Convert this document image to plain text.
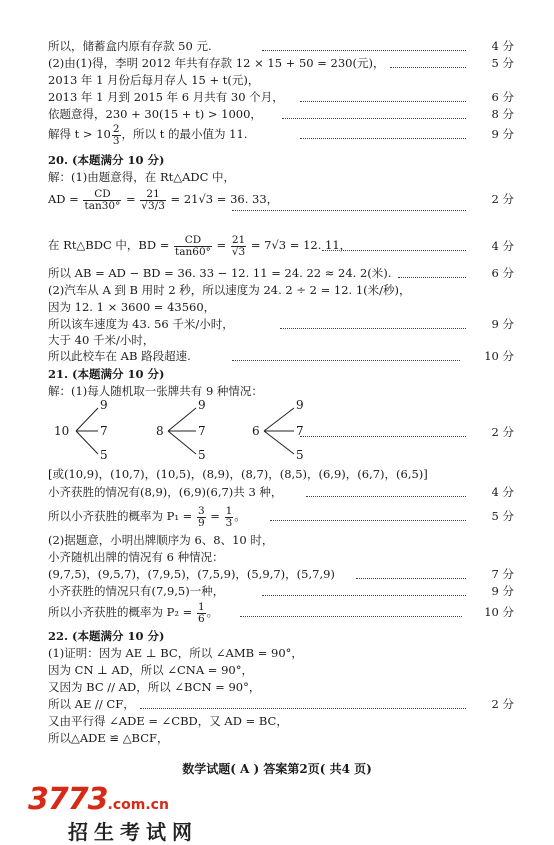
所以，储蓄盒内原有存款 50 元.	4 分
(2)由(1)得，李明 2012 年共有存款 12 × 15 + 50 = 230(元)，	5 分
2013 年 1 月份后每月存人 15 + t(元)，
2013 年 1 月到 2015 年 6 月共有 30 个月，	6 分
依题意得，230 + 30(15 + t) > 1000，	8 分
解得 $t > 10 \frac{2}{3}$ ，所以 t 的最小值为 11.	9 分
20. (本题满分 10 分)
解：(1)由题意得，在 Rt△ADC 中，
AD = $\frac{CD}{\tan 30^\circ} = \frac{21}{√3/3} = 21√3 = 36$. 33，	2 分
在 Rt△BDC 中，BD = $\frac{CD}{\tan 60^\circ} = \frac{21}{√3} = 7√3 = 12$. 11，	4 分
所以 AB = AD − BD = 36. 33 − 12. 11 = 24. 22 ≈ 24. 2(米).	6 分
(2)汽车从 A 到 B 用时 2 秒，所以速度为 24. 2 ÷ 2 = 12. 1(米/秒)，
因为 12. 1 × 3600 = 43560，
所以该车速度为 43. 56 千米/小时，	9 分
大于 40 千米/小时，
所以此校车在 AB 路段超速.	10 分
21. (本题满分 10 分)
解：(1)每人随机取一张牌共有 9 种情况：
10
9
7
5
8
9
7
5
6
9
7
5
2 分
[或(10,9)，(10,7)，(10,5)，(8,9)，(8,7)，(8,5)，(6,9)，(6,7)，(6,5)]
小齐获胜的情况有(8,9)，(6,9)(6,7)共 3 种，	4 分
所以小齐获胜的概率为 $P_1 = \frac{3}{9} = \frac{1}{3}$ 。	5 分
(2)据题意，小明出牌顺序为 6、8、10 时，
小齐随机出牌的情况有 6 种情况：
(9,7,5)，(9,5,7)，(7,9,5)，(7,5,9)，(5,9,7)，(5,7,9)	7 分
小齐获胜的情况只有(7,9,5)一种，	9 分
所以小齐获胜的概率为 $P_2 = \frac{1}{6}$ 。	10 分
22. (本题满分 10 分)
(1)证明：因为 AE ⊥ BC，所以 ∠AMB = 90°，
因为 CN ⊥ AD，所以 ∠CNA = 90°，
又因为 BC // AD，所以 ∠BCN = 90°，
所以 AE // CF，	2 分
又由平行得 ∠ADE = ∠CBD，又 AD = BC，
所以△ADE ≌ △BCF，
数学试题( A ) 答案第2页( 共4 页)
3773.com.cn
招生考试网
